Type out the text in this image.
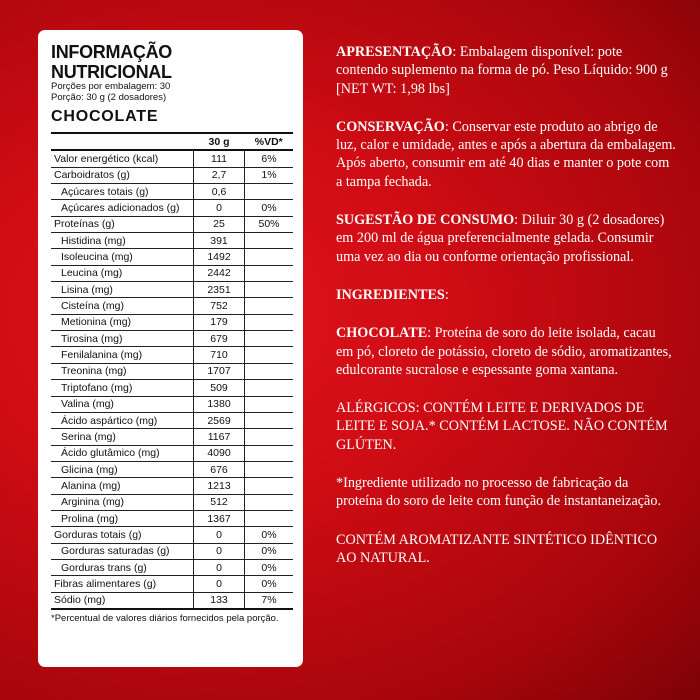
INFORMAÇÃO NUTRICIONAL
Porções por embalagem: 30
Porção: 30 g (2 dosadores)
CHOCOLATE
	30 g	%VD*
Valor energético (kcal)	111	6%
Carboidratos (g)	2,7	1%
Açúcares totais (g)	0,6	
Açúcares adicionados (g)	0	0%
Proteínas (g)	25	50%
Histidina (mg)	391	
Isoleucina (mg)	1492	
Leucina (mg)	2442	
Lisina (mg)	2351	
Cisteína (mg)	752	
Metionina (mg)	179	
Tirosina (mg)	679	
Fenilalanina (mg)	710	
Treonina (mg)	1707	
Triptofano (mg)	509	
Valina (mg)	1380	
Ácido aspártico (mg)	2569	
Serina (mg)	1167	
Ácido glutâmico (mg)	4090	
Glicina (mg)	676	
Alanina (mg)	1213	
Arginina (mg)	512	
Prolina (mg)	1367	
Gorduras totais (g)	0	0%
Gorduras saturadas (g)	0	0%
Gorduras trans (g)	0	0%
Fibras alimentares (g)	0	0%
Sódio (mg)	133	7%
*Percentual de valores diários fornecidos pela porção.

APRESENTAÇÃO: Embalagem disponível: pote contendo suplemento na forma de pó. Peso Líquido: 900 g [NET WT: 1,98 lbs]

CONSERVAÇÃO: Conservar este produto ao abrigo de luz, calor e umidade, antes e após a abertura da embalagem. Após aberto, consumir em até 40 dias e manter o pote com a tampa fechada.

SUGESTÃO DE CONSUMO: Diluir 30 g (2 dosadores) em 200 ml de água preferencialmente gelada. Consumir uma vez ao dia ou conforme orientação profissional.

INGREDIENTES:

CHOCOLATE: Proteína de soro do leite isolada, cacau em pó, cloreto de potássio, cloreto de sódio, aromatizantes, edulcorante sucralose e espessante goma xantana.

ALÉRGICOS: CONTÉM LEITE E DERIVADOS DE LEITE E SOJA.* CONTÉM LACTOSE. NÃO CONTÉM GLÚTEN.

*Ingrediente utilizado no processo de fabricação da proteína do soro de leite com função de instantaneização.

CONTÉM AROMATIZANTE SINTÉTICO IDÊNTICO AO NATURAL.
